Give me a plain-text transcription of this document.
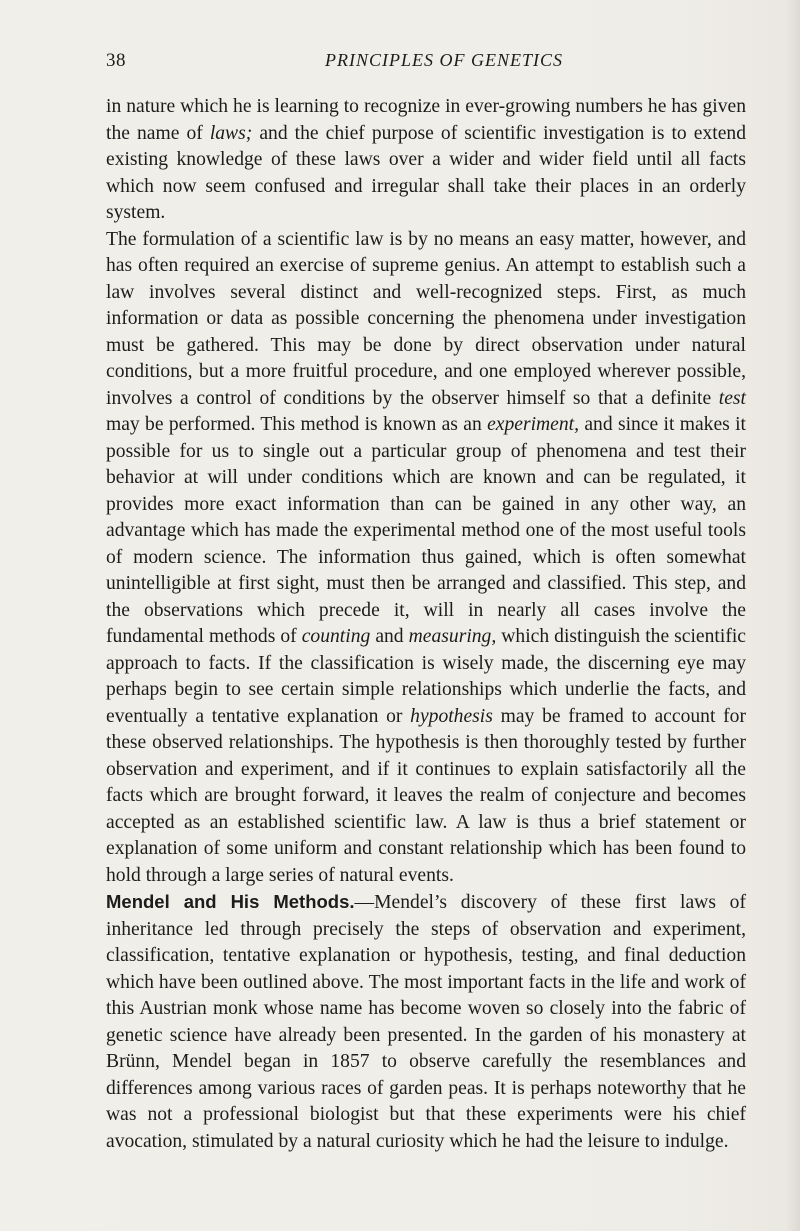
38	PRINCIPLES OF GENETICS

in nature which he is learning to recognize in ever-growing numbers he has given the name of laws; and the chief purpose of scientific investigation is to extend existing knowledge of these laws over a wider and wider field until all facts which now seem confused and irregular shall take their places in an orderly system.

The formulation of a scientific law is by no means an easy matter, however, and has often required an exercise of supreme genius. An attempt to establish such a law involves several distinct and well-recognized steps. First, as much information or data as possible concerning the phenomena under investigation must be gathered. This may be done by direct observation under natural conditions, but a more fruitful procedure, and one employed wherever possible, involves a control of conditions by the observer himself so that a definite test may be performed. This method is known as an experiment, and since it makes it possible for us to single out a particular group of phenomena and test their behavior at will under conditions which are known and can be regulated, it provides more exact information than can be gained in any other way, an advantage which has made the experimental method one of the most useful tools of modern science. The information thus gained, which is often somewhat unintelligible at first sight, must then be arranged and classified. This step, and the observations which precede it, will in nearly all cases involve the fundamental methods of counting and measuring, which distinguish the scientific approach to facts. If the classification is wisely made, the discerning eye may perhaps begin to see certain simple relationships which underlie the facts, and eventually a tentative explanation or hypothesis may be framed to account for these observed relationships. The hypothesis is then thoroughly tested by further observation and experiment, and if it continues to explain satisfactorily all the facts which are brought forward, it leaves the realm of conjecture and becomes accepted as an established scientific law. A law is thus a brief statement or explanation of some uniform and constant relationship which has been found to hold through a large series of natural events.

Mendel and His Methods.—Mendel’s discovery of these first laws of inheritance led through precisely the steps of observation and experiment, classification, tentative explanation or hypothesis, testing, and final deduction which have been outlined above. The most important facts in the life and work of this Austrian monk whose name has become woven so closely into the fabric of genetic science have already been presented. In the garden of his monastery at Brünn, Mendel began in 1857 to observe carefully the resemblances and differences among various races of garden peas. It is perhaps noteworthy that he was not a professional biologist but that these experiments were his chief avocation, stimulated by a natural curiosity which he had the leisure to indulge.
